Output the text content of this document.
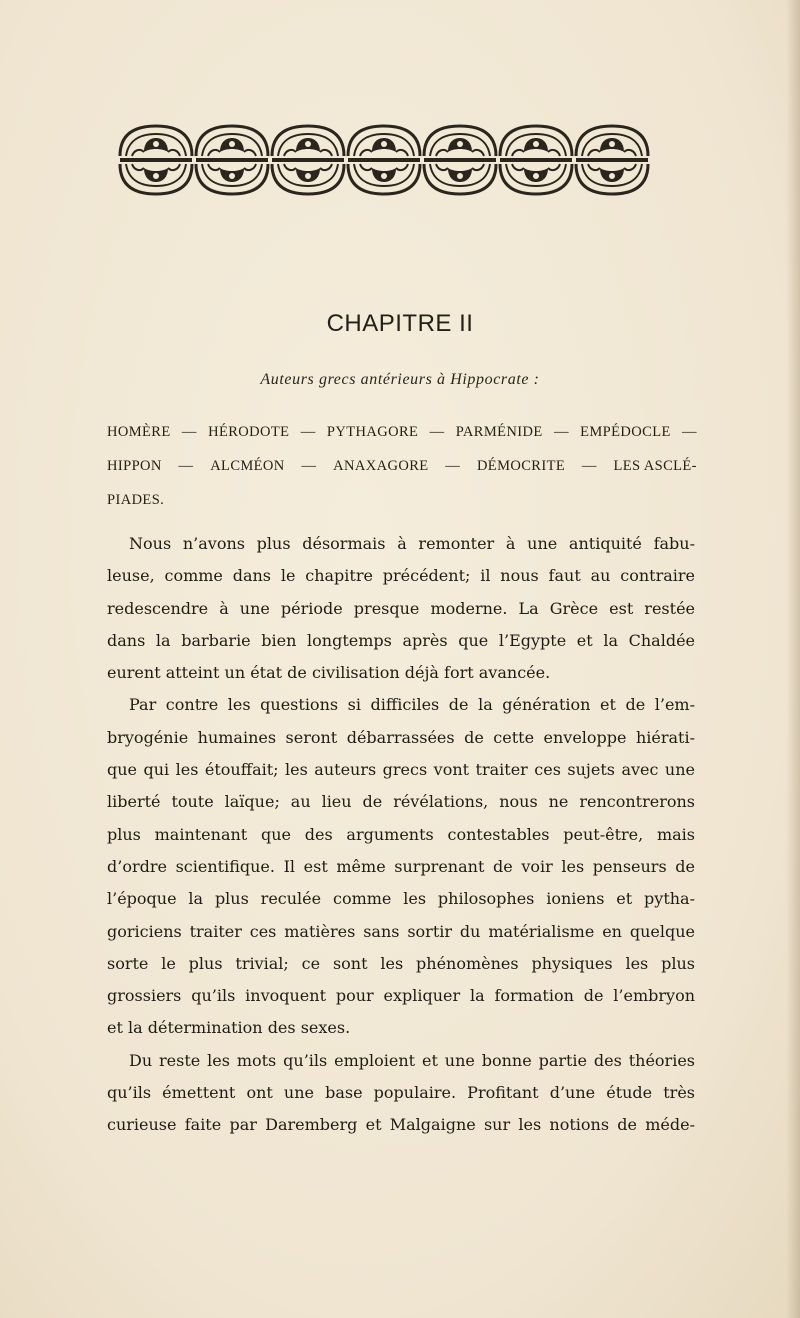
CHAPITRE II
Auteurs grecs antérieurs à Hippocrate :
HOMÈRE — HÉRODOTE — PYTHAGORE — PARMÉNIDE — EMPÉDOCLE —
HIPPON — ALCMÉON — ANAXAGORE — DÉMOCRITE — LES ASCLÉ-
PIADES.
Nous n’avons plus désormais à remonter à une antiquité fabu-
leuse, comme dans le chapitre précédent; il nous faut au contraire
redescendre à une période presq​ue moderne. La Grèce est restée
dans la barbarie bien longtemps après que l’Egypte et la Chaldée
eurent atteint un état de civilisation déjà fort avancée.
Par contre les questions si difficiles de la génération et de l’em-
bryogénie humaines seront débarrassées de cette enveloppe hiérati-
que qui les étouffait; les auteurs grecs vont traiter ces sujets avec une
liberté toute laïque; au lieu de révélations, nous ne rencontrerons
plus maintenant que des arguments contestables peut-être, mais
d’ordre scientifique. Il est même surprenant de voir les penseurs de
l’époque la plus reculée comme les philosophes ioniens et pytha-
goriciens traiter ces matières sans sortir du matérialisme en quelque
sorte le plus trivial; ce sont les phénomènes physiques les plus
grossiers qu’ils invoquent pour expliquer la formation de l’embryon
et la détermination des sexes.
Du reste les mots qu’ils emploient et une bonne partie des théories
qu’ils émettent ont une base populaire. Profitant d’une étude très
curieuse faite par Daremberg et Malgaigne sur les notions de méde-
